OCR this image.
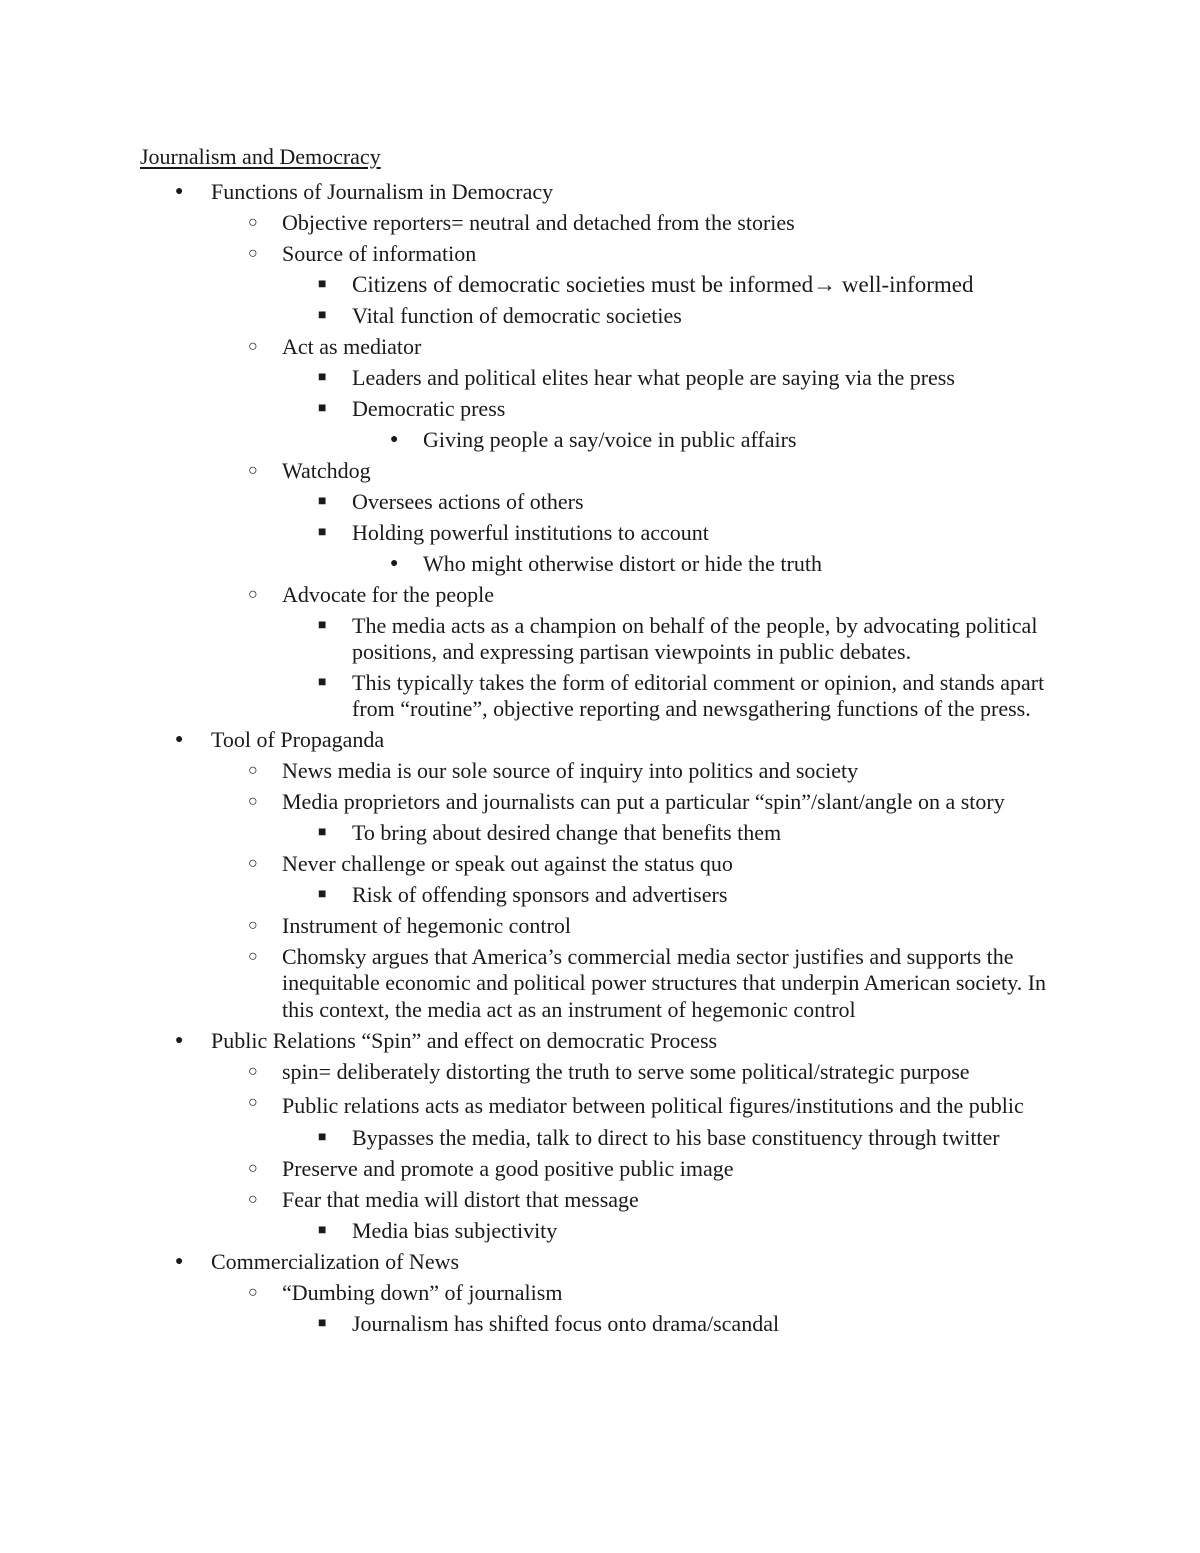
Journalism and Democracy
● Functions of Journalism in Democracy
○ Objective reporters= neutral and detached from the stories
○ Source of information
■ Citizens of democratic societies must be informed→ well-informed
■ Vital function of democratic societies
○ Act as mediator
■ Leaders and political elites hear what people are saying via the press
■ Democratic press
● Giving people a say/voice in public affairs
○ Watchdog
■ Oversees actions of others
■ Holding powerful institutions to account
● Who might otherwise distort or hide the truth
○ Advocate for the people
■ The media acts as a champion on behalf of the people, by advocating political positions, and expressing partisan viewpoints in public debates.
■ This typically takes the form of editorial comment or opinion, and stands apart from “routine”, objective reporting and newsgathering functions of the press.
● Tool of Propaganda
○ News media is our sole source of inquiry into politics and society
○ Media proprietors and journalists can put a particular “spin”/slant/angle on a story
■ To bring about desired change that benefits them
○ Never challenge or speak out against the status quo
■ Risk of offending sponsors and advertisers
○ Instrument of hegemonic control
○ Chomsky argues that America’s commercial media sector justifies and supports the inequitable economic and political power structures that underpin American society. In this context, the media act as an instrument of hegemonic control
● Public Relations “Spin” and effect on democratic Process
○ spin= deliberately distorting the truth to serve some political/strategic purpose
○ Public relations acts as mediator between political figures/institutions and the public
■ Bypasses the media, talk to direct to his base constituency through twitter
○ Preserve and promote a good positive public image
○ Fear that media will distort that message
■ Media bias subjectivity
● Commercialization of News
○ “Dumbing down” of journalism
■ Journalism has shifted focus onto drama/scandal
